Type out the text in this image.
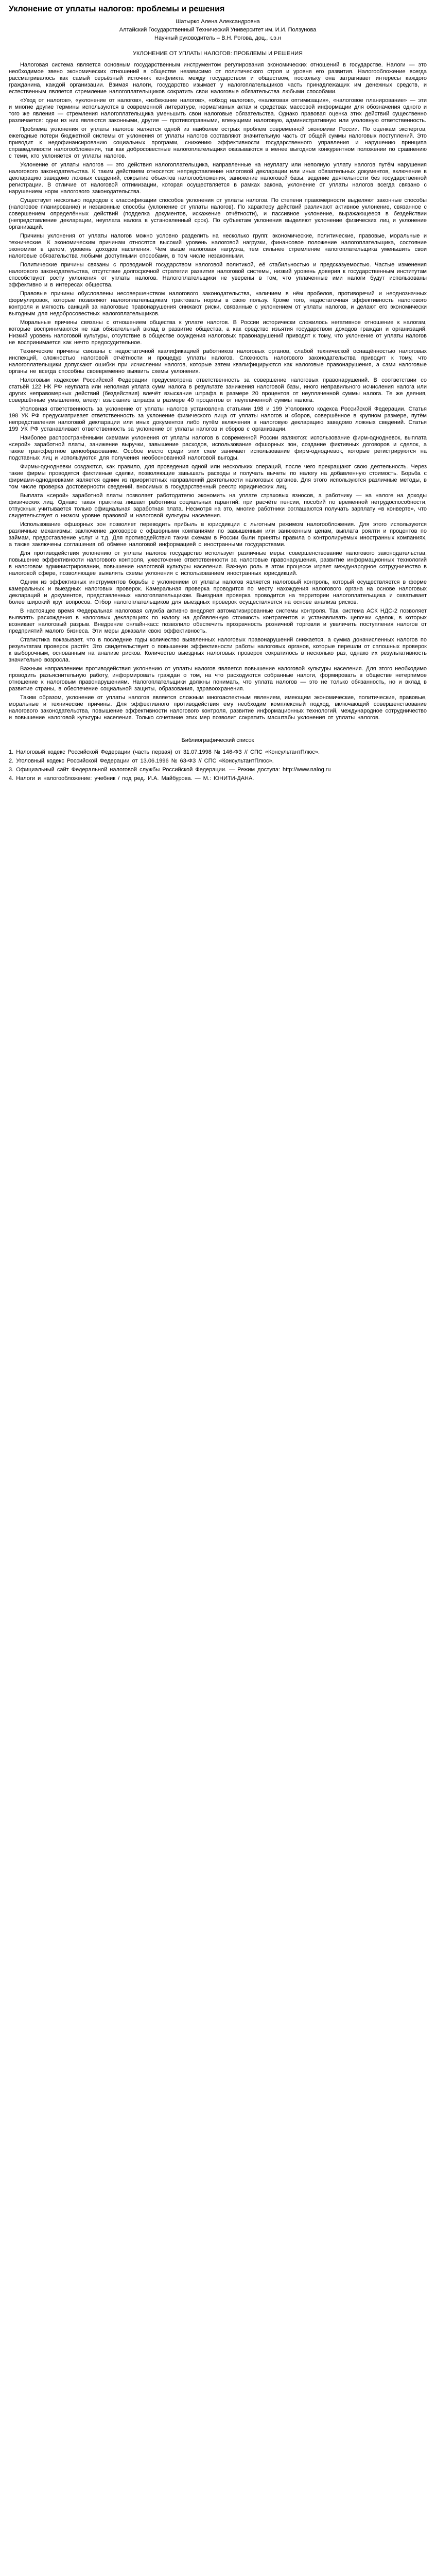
Уклонение от уплаты налогов: проблемы и решения

Шатырко Алена Александровна

Алтайский Государственный Технический Университет им. И.И. Ползунова

Научный руководитель – В.Н. Рогова, доц., к.э.н

УКЛОНЕНИЕ ОТ УПЛАТЫ НАЛОГОВ: ПРОБЛЕМЫ И РЕШЕНИЯ

Налоговая система является основным государственным инструментом регулирования экономических отношений в государстве. Налоги — это необходимое звено экономических отношений в обществе независимо от политического строя и уровня его развития. Налогообложение всегда рассматривалось как самый серьёзный источник конфликта между государством и обществом, поскольку она затрагивает интересы каждого гражданина, каждой организации. Взимая налоги, государство изымает у налогоплательщиков часть принадлежащих им денежных средств, и естественным является стремление налогоплательщиков сократить свои налоговые обязательства любыми способами.

«Уход от налогов», «уклонение от налогов», «избежание налогов», «обход налогов», «налоговая оптимизация», «налоговое планирование» — эти и многие другие термины используются в современной литературе, нормативных актах и средствах массовой информации для обозначения одного и того же явления — стремления налогоплательщика уменьшить свои налоговые обязательства. Однако правовая оценка этих действий существенно различается: одни из них являются законными, другие — противоправными, влекущими налоговую, административную или уголовную ответственность.

Проблема уклонения от уплаты налогов является одной из наиболее острых проблем современной экономики России. По оценкам экспертов, ежегодные потери бюджетной системы от уклонения от уплаты налогов составляют значительную часть от общей суммы налоговых поступлений. Это приводит к недофинансированию социальных программ, снижению эффективности государственного управления и нарушению принципа справедливости налогообложения, так как добросовестные налогоплательщики оказываются в менее выгодном конкурентном положении по сравнению с теми, кто уклоняется от уплаты налогов.

Уклонение от уплаты налогов — это действия налогоплательщика, направленные на неуплату или неполную уплату налогов путём нарушения налогового законодательства. К таким действиям относятся: непредставление налоговой декларации или иных обязательных документов, включение в декларацию заведомо ложных сведений, сокрытие объектов налогообложения, занижение налоговой базы, ведение деятельности без государственной регистрации. В отличие от налоговой оптимизации, которая осуществляется в рамках закона, уклонение от уплаты налогов всегда связано с нарушением норм налогового законодательства.

Существует несколько подходов к классификации способов уклонения от уплаты налогов. По степени правомерности выделяют законные способы (налоговое планирование) и незаконные способы (уклонение от уплаты налогов). По характеру действий различают активное уклонение, связанное с совершением определённых действий (подделка документов, искажение отчётности), и пассивное уклонение, выражающееся в бездействии (непредставление декларации, неуплата налога в установленный срок). По субъектам уклонения выделяют уклонение физических лиц и уклонение организаций.

Причины уклонения от уплаты налогов можно условно разделить на несколько групп: экономические, политические, правовые, моральные и технические. К экономическим причинам относятся высокий уровень налоговой нагрузки, финансовое положение налогоплательщика, состояние экономики в целом, уровень доходов населения. Чем выше налоговая нагрузка, тем сильнее стремление налогоплательщика уменьшить свои налоговые обязательства любыми доступными способами, в том числе незаконными.

Политические причины связаны с проводимой государством налоговой политикой, её стабильностью и предсказуемостью. Частые изменения налогового законодательства, отсутствие долгосрочной стратегии развития налоговой системы, низкий уровень доверия к государственным институтам способствуют росту уклонения от уплаты налогов. Налогоплательщики не уверены в том, что уплаченные ими налоги будут использованы эффективно и в интересах общества.

Правовые причины обусловлены несовершенством налогового законодательства, наличием в нём пробелов, противоречий и неоднозначных формулировок, которые позволяют налогоплательщикам трактовать нормы в свою пользу. Кроме того, недостаточная эффективность налогового контроля и мягкость санкций за налоговые правонарушения снижают риски, связанные с уклонением от уплаты налогов, и делают его экономически выгодным для недобросовестных налогоплательщиков.

Моральные причины связаны с отношением общества к уплате налогов. В России исторически сложилось негативное отношение к налогам, которые воспринимаются не как обязательный вклад в развитие общества, а как средство изъятия государством доходов граждан и организаций. Низкий уровень налоговой культуры, отсутствие в обществе осуждения налоговых правонарушений приводят к тому, что уклонение от уплаты налогов не воспринимается как нечто предосудительное.

Технические причины связаны с недостаточной квалификацией работников налоговых органов, слабой технической оснащённостью налоговых инспекций, сложностью налоговой отчётности и процедур уплаты налогов. Сложность налогового законодательства приводит к тому, что налогоплательщики допускают ошибки при исчислении налогов, которые затем квалифицируются как налоговые правонарушения, а сами налоговые органы не всегда способны своевременно выявить схемы уклонения.

Налоговым кодексом Российской Федерации предусмотрена ответственность за совершение налоговых правонарушений. В соответствии со статьёй 122 НК РФ неуплата или неполная уплата сумм налога в результате занижения налоговой базы, иного неправильного исчисления налога или других неправомерных действий (бездействия) влечёт взыскание штрафа в размере 20 процентов от неуплаченной суммы налога. Те же деяния, совершённые умышленно, влекут взыскание штрафа в размере 40 процентов от неуплаченной суммы налога.

Уголовная ответственность за уклонение от уплаты налогов установлена статьями 198 и 199 Уголовного кодекса Российской Федерации. Статья 198 УК РФ предусматривает ответственность за уклонение физического лица от уплаты налогов и сборов, совершённое в крупном размере, путём непредставления налоговой декларации или иных документов либо путём включения в налоговую декларацию заведомо ложных сведений. Статья 199 УК РФ устанавливает ответственность за уклонение от уплаты налогов и сборов с организации.

Наиболее распространёнными схемами уклонения от уплаты налогов в современной России являются: использование фирм-однодневок, выплата «серой» заработной платы, занижение выручки, завышение расходов, использование офшорных зон, создание фиктивных договоров и сделок, а также трансфертное ценообразование. Особое место среди этих схем занимает использование фирм-однодневок, которые регистрируются на подставных лиц и используются для получения необоснованной налоговой выгоды.

Фирмы-однодневки создаются, как правило, для проведения одной или нескольких операций, после чего прекращают свою деятельность. Через такие фирмы проводятся фиктивные сделки, позволяющие завышать расходы и получать вычеты по налогу на добавленную стоимость. Борьба с фирмами-однодневками является одним из приоритетных направлений деятельности налоговых органов. Для этого используются различные методы, в том числе проверка достоверности сведений, вносимых в государственный реестр юридических лиц.

Выплата «серой» заработной платы позволяет работодателю экономить на уплате страховых взносов, а работнику — на налоге на доходы физических лиц. Однако такая практика лишает работника социальных гарантий: при расчёте пенсии, пособий по временной нетрудоспособности, отпускных учитывается только официальная заработная плата. Несмотря на это, многие работники соглашаются получать зарплату «в конверте», что свидетельствует о низком уровне правовой и налоговой культуры населения.

Использование офшорных зон позволяет переводить прибыль в юрисдикции с льготным режимом налогообложения. Для этого используются различные механизмы: заключение договоров с офшорными компаниями по завышенным или заниженным ценам, выплата роялти и процентов по займам, предоставление услуг и т.д. Для противодействия таким схемам в России были приняты правила о контролируемых иностранных компаниях, а также заключены соглашения об обмене налоговой информацией с иностранными государствами.

Для противодействия уклонению от уплаты налогов государство использует различные меры: совершенствование налогового законодательства, повышение эффективности налогового контроля, ужесточение ответственности за налоговые правонарушения, развитие информационных технологий в налоговом администрировании, повышение налоговой культуры населения. Важную роль в этом процессе играет международное сотрудничество в налоговой сфере, позволяющее выявлять схемы уклонения с использованием иностранных юрисдикций.

Одним из эффективных инструментов борьбы с уклонением от уплаты налогов является налоговый контроль, который осуществляется в форме камеральных и выездных налоговых проверок. Камеральная проверка проводится по месту нахождения налогового органа на основе налоговых деклараций и документов, представленных налогоплательщиком. Выездная проверка проводится на территории налогоплательщика и охватывает более широкий круг вопросов. Отбор налогоплательщиков для выездных проверок осуществляется на основе анализа рисков.

В настоящее время Федеральная налоговая служба активно внедряет автоматизированные системы контроля. Так, система АСК НДС-2 позволяет выявлять расхождения в налоговых декларациях по налогу на добавленную стоимость контрагентов и устанавливать цепочки сделок, в которых возникает налоговый разрыв. Внедрение онлайн-касс позволило обеспечить прозрачность розничной торговли и увеличить поступления налогов от предприятий малого бизнеса. Эти меры доказали свою эффективность.

Статистика показывает, что в последние годы количество выявленных налоговых правонарушений снижается, а сумма доначисленных налогов по результатам проверок растёт. Это свидетельствует о повышении эффективности работы налоговых органов, которые перешли от сплошных проверок к выборочным, основанным на анализе рисков. Количество выездных налоговых проверок сократилось в несколько раз, однако их результативность значительно возросла.

Важным направлением противодействия уклонению от уплаты налогов является повышение налоговой культуры населения. Для этого необходимо проводить разъяснительную работу, информировать граждан о том, на что расходуются собранные налоги, формировать в обществе нетерпимое отношение к налоговым правонарушениям. Налогоплательщики должны понимать, что уплата налогов — это не только обязанность, но и вклад в развитие страны, в обеспечение социальной защиты, образования, здравоохранения.

Таким образом, уклонение от уплаты налогов является сложным многоаспектным явлением, имеющим экономические, политические, правовые, моральные и технические причины. Для эффективного противодействия ему необходим комплексный подход, включающий совершенствование налогового законодательства, повышение эффективности налогового контроля, развитие информационных технологий, международное сотрудничество и повышение налоговой культуры населения. Только сочетание этих мер позволит сократить масштабы уклонения от уплаты налогов.

Библиографический список

1. Налоговый кодекс Российской Федерации (часть первая) от 31.07.1998 № 146-ФЗ // СПС «КонсультантПлюс».

2. Уголовный кодекс Российской Федерации от 13.06.1996 № 63-ФЗ // СПС «КонсультантПлюс».

3. Официальный сайт Федеральной налоговой службы Российской Федерации. — Режим доступа: http://www.nalog.ru

4. Налоги и налогообложение: учебник / под ред. И.А. Майбурова. — М.: ЮНИТИ-ДАНА.
